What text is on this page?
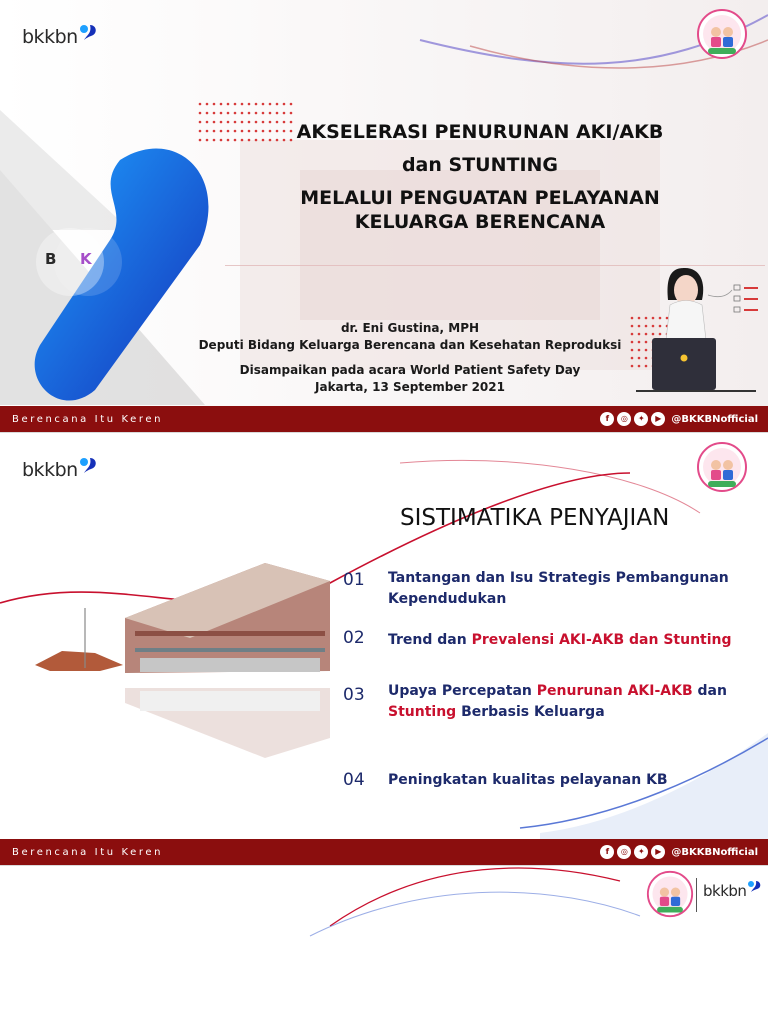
B K
bkkbn
AKSELERASI PENURUNAN AKI/AKB
dan STUNTING
MELALUI PENGUATAN PELAYANAN
KELUARGA BERENCANA
dr. Eni Gustina, MPH
Deputi Bidang Keluarga Berencana dan Kesehatan Reproduksi
Disampaikan pada acara World Patient Safety Day
Jakarta, 13 September 2021
Berencana Itu Keren	f	◎	✦	▶ @BKKBNofficial
bkkbn
SISTIMATIKA PENYAJIAN
01 Tantangan dan Isu Strategis Pembangunan Kependudukan
02 Trend dan Prevalensi AKI-AKB dan Stunting
03 Upaya Percepatan Penurunan AKI-AKB dan Stunting Berbasis Keluarga
04 Peningkatan kualitas pelayanan KB
Berencana Itu Keren	f	◎	✦	▶ @BKKBNofficial
bkkbn
